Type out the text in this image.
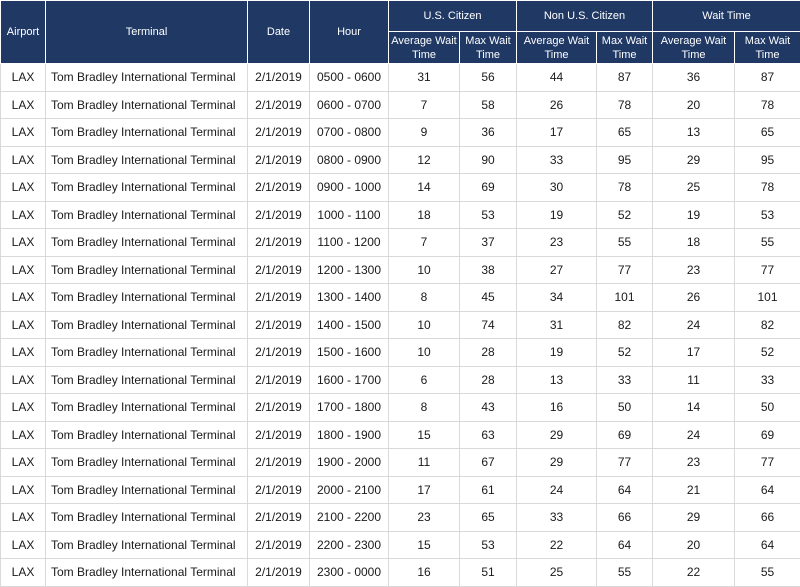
Airport	Terminal	Date	Hour	U.S. Citizen		Non U.S. Citizen		Wait Time	
				Average Wait Time	Max Wait Time	Average Wait Time	Max Wait Time	Average Wait Time	Max Wait Time
LAX	Tom Bradley International Terminal	2/1/2019	0500 - 0600	31	56	44	87	36	87
LAX	Tom Bradley International Terminal	2/1/2019	0600 - 0700	7	58	26	78	20	78
LAX	Tom Bradley International Terminal	2/1/2019	0700 - 0800	9	36	17	65	13	65
LAX	Tom Bradley International Terminal	2/1/2019	0800 - 0900	12	90	33	95	29	95
LAX	Tom Bradley International Terminal	2/1/2019	0900 - 1000	14	69	30	78	25	78
LAX	Tom Bradley International Terminal	2/1/2019	1000 - 1100	18	53	19	52	19	53
LAX	Tom Bradley International Terminal	2/1/2019	1100 - 1200	7	37	23	55	18	55
LAX	Tom Bradley International Terminal	2/1/2019	1200 - 1300	10	38	27	77	23	77
LAX	Tom Bradley International Terminal	2/1/2019	1300 - 1400	8	45	34	101	26	101
LAX	Tom Bradley International Terminal	2/1/2019	1400 - 1500	10	74	31	82	24	82
LAX	Tom Bradley International Terminal	2/1/2019	1500 - 1600	10	28	19	52	17	52
LAX	Tom Bradley International Terminal	2/1/2019	1600 - 1700	6	28	13	33	11	33
LAX	Tom Bradley International Terminal	2/1/2019	1700 - 1800	8	43	16	50	14	50
LAX	Tom Bradley International Terminal	2/1/2019	1800 - 1900	15	63	29	69	24	69
LAX	Tom Bradley International Terminal	2/1/2019	1900 - 2000	11	67	29	77	23	77
LAX	Tom Bradley International Terminal	2/1/2019	2000 - 2100	17	61	24	64	21	64
LAX	Tom Bradley International Terminal	2/1/2019	2100 - 2200	23	65	33	66	29	66
LAX	Tom Bradley International Terminal	2/1/2019	2200 - 2300	15	53	22	64	20	64
LAX	Tom Bradley International Terminal	2/1/2019	2300 - 0000	16	51	25	55	22	55
